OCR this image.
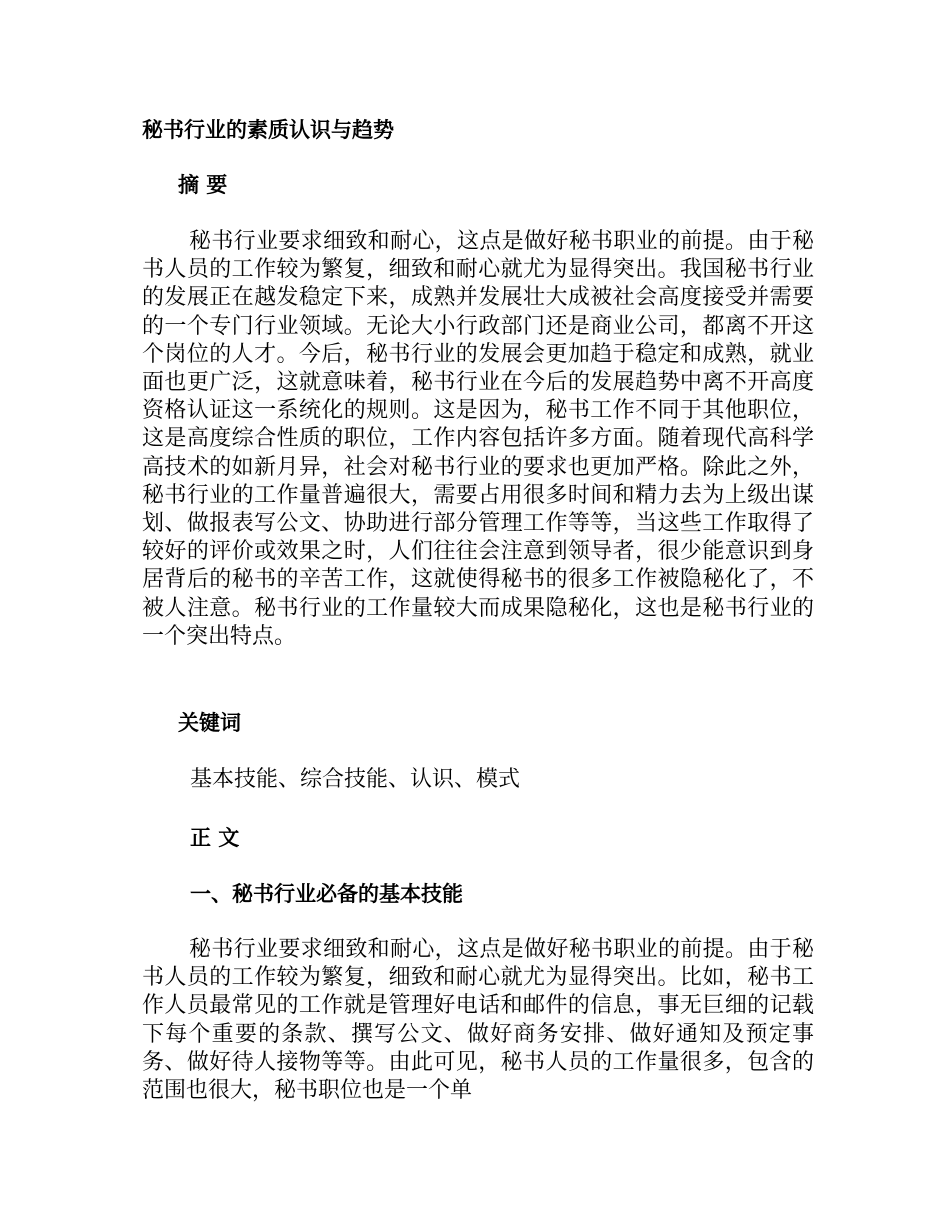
秘书行业的素质认识与趋势
摘 要

秘书行业要求细致和耐心，这点是做好秘书职业的前提。由于秘书人员的工作较为繁复，细致和耐心就尤为显得突出。我国秘书行业的发展正在越发稳定下来，成熟并发展壮大成被社会高度接受并需要的一个专门行业领域。无论大小行政部门还是商业公司，都离不开这个岗位的人才。今后，秘书行业的发展会更加趋于稳定和成熟，就业面也更广泛，这就意味着，秘书行业在今后的发展趋势中离不开高度资格认证这一系统化的规则。这是因为，秘书工作不同于其他职位，这是高度综合性质的职位，工作内容包括许多方面。随着现代高科学高技术的如新月异，社会对秘书行业的要求也更加严格。除此之外，秘书行业的工作量普遍很大，需要占用很多时间和精力去为上级出谋划、做报表写公文、协助进行部分管理工作等等，当这些工作取得了较好的评价或效果之时，人们往往会注意到领导者，很少能意识到身居背后的秘书的辛苦工作，这就使得秘书的很多工作被隐秘化了，不被人注意。秘书行业的工作量较大而成果隐秘化，这也是秘书行业的一个突出特点。

关键词
基本技能、综合技能、认识、模式
正 文
一、秘书行业必备的基本技能

秘书行业要求细致和耐心，这点是做好秘书职业的前提。由于秘书人员的工作较为繁复，细致和耐心就尤为显得突出。比如，秘书工作人员最常见的工作就是管理好电话和邮件的信息，事无巨细的记载下每个重要的条款、撰写公文、做好商务安排、做好通知及预定事务、做好待人接物等等。由此可见，秘书人员的工作量很多，包含的范围也很大，秘书职位也是一个单
